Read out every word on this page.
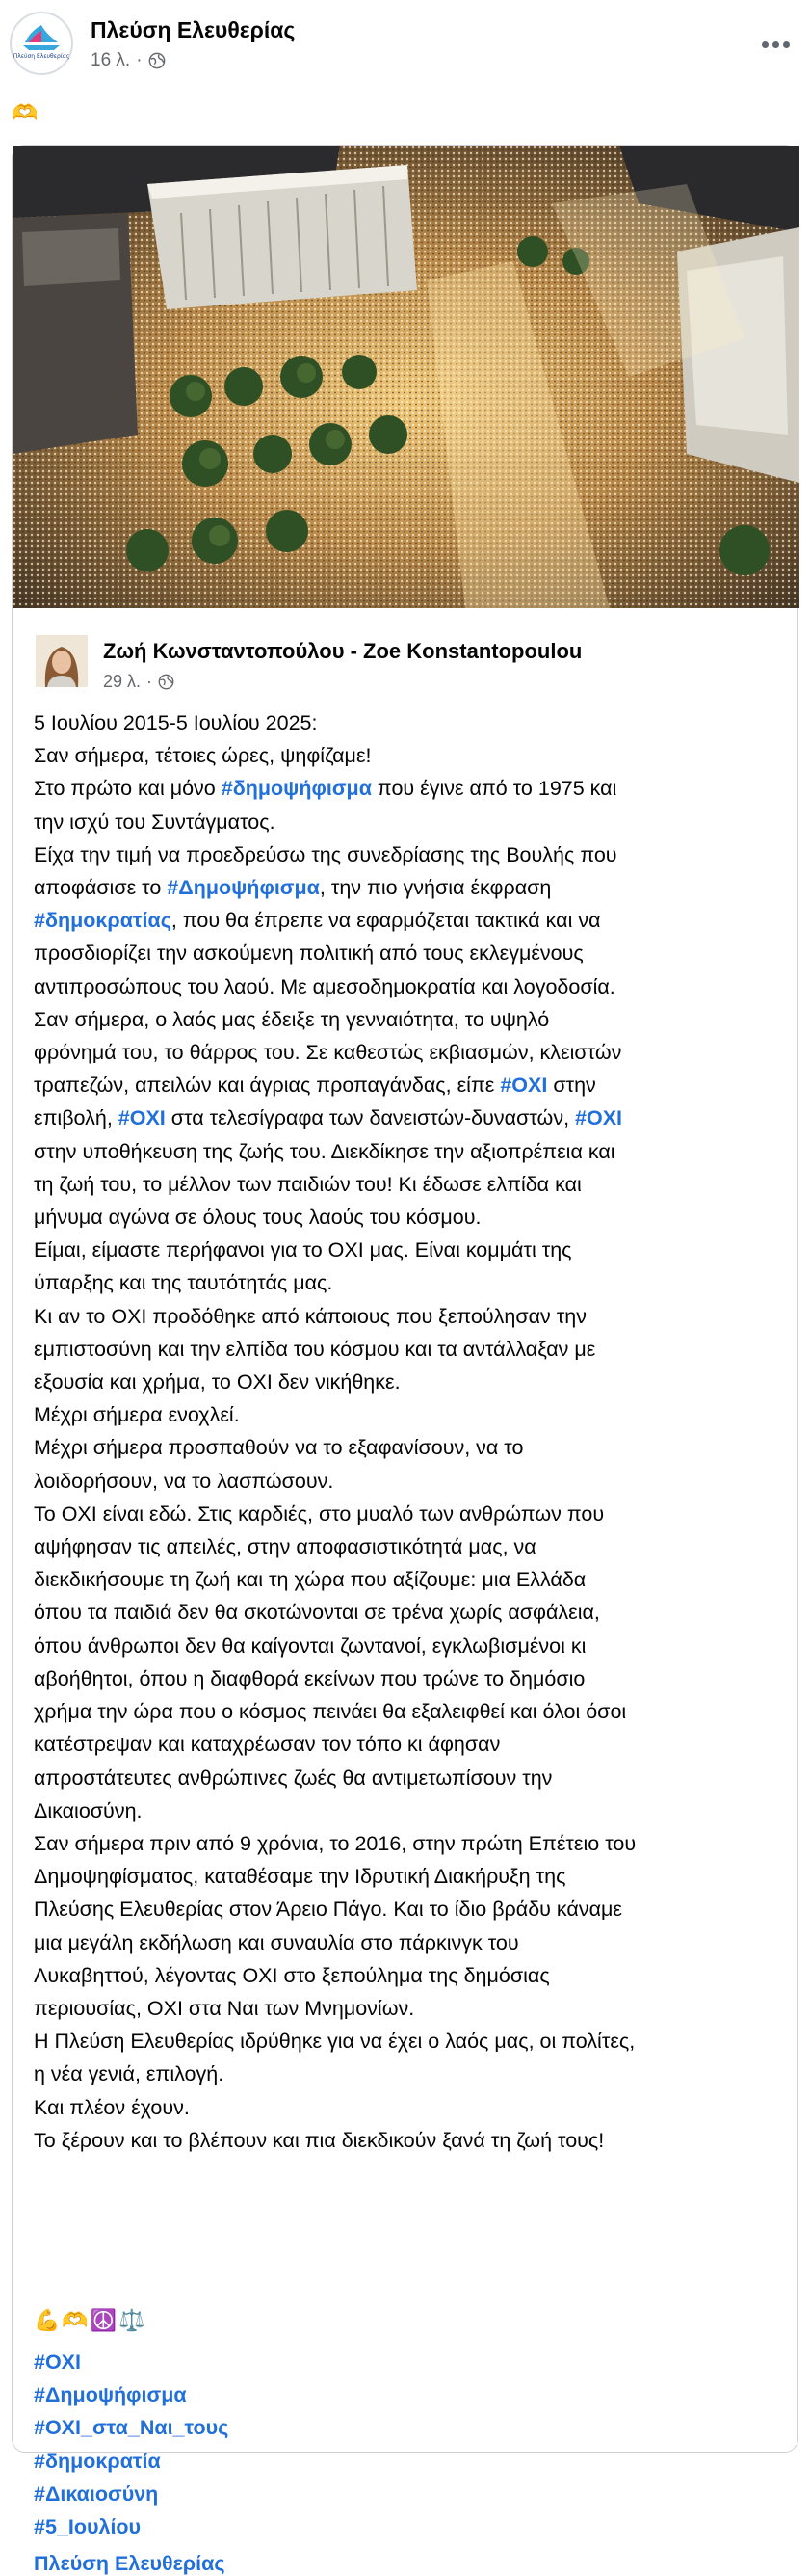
Πλεύση Ελευθερίας
Πλεύση Ελευθερίας
16 λ. ·
🫶
Ζωή Κωνσταντοπούλου - Zoe Konstantopoulou
29 λ. ·

5 Ιουλίου 2015-5 Ιουλίου 2025:

Σαν σήμερα, τέτοιες ώρες, ψηφίζαμε!

Στο πρώτο και μόνο #δημοψήφισμα που έγινε από το 1975 και

την ισχύ του Συντάγματος.

Είχα την τιμή να προεδρεύσω της συνεδρίασης της Βουλής που

αποφάσισε το #Δημοψήφισμα, την πιο γνήσια έκφραση

#δημοκρατίας, που θα έπρεπε να εφαρμόζεται τακτικά και να

προσδιορίζει την ασκούμενη πολιτική από τους εκλεγμένους

αντιπροσώπους του λαού. Με αμεσοδημοκρατία και λογοδοσία.

Σαν σήμερα, ο λαός μας έδειξε τη γενναιότητα, το υψηλό

φρόνημά του, το θάρρος του. Σε καθεστώς εκβιασμών, κλειστών

τραπεζών, απειλών και άγριας προπαγάνδας, είπε #ΟΧΙ στην

επιβολή, #ΟΧΙ στα τελεσίγραφα των δανειστών-δυναστών, #ΟΧΙ

στην υποθήκευση της ζωής του. Διεκδίκησε την αξιοπρέπεια και

τη ζωή του, το μέλλον των παιδιών του! Κι έδωσε ελπίδα και

μήνυμα αγώνα σε όλους τους λαούς του κόσμου.

Είμαι, είμαστε περήφανοι για το ΟΧΙ μας. Είναι κομμάτι της

ύπαρξης και της ταυτότητάς μας.

Κι αν το ΟΧΙ προδόθηκε από κάποιους που ξεπούλησαν την

εμπιστοσύνη και την ελπίδα του κόσμου και τα αντάλλαξαν με

εξουσία και χρήμα, το ΟΧΙ δεν νικήθηκε.

Μέχρι σήμερα ενοχλεί.

Μέχρι σήμερα προσπαθούν να το εξαφανίσουν, να το

λοιδορήσουν, να το λασπώσουν.

Το ΟΧΙ είναι εδώ. Στις καρδιές, στο μυαλό των ανθρώπων που

αψήφησαν τις απειλές, στην αποφασιστικότητά μας, να

διεκδικήσουμε τη ζωή και τη χώρα που αξίζουμε: μια Ελλάδα

όπου τα παιδιά δεν θα σκοτώνονται σε τρένα χωρίς ασφάλεια,

όπου άνθρωποι δεν θα καίγονται ζωντανοί, εγκλωβισμένοι κι

αβοήθητοι, όπου η διαφθορά εκείνων που τρώνε το δημόσιο

χρήμα την ώρα που ο κόσμος πεινάει θα εξαλειφθεί και όλοι όσοι

κατέστρεψαν και καταχρέωσαν τον τόπο κι άφησαν

απροστάτευτες ανθρώπινες ζωές θα αντιμετωπίσουν την

Δικαιοσύνη.

Σαν σήμερα πριν από 9 χρόνια, το 2016, στην πρώτη Επέτειο του

Δημοψηφίσματος, καταθέσαμε την Ιδρυτική Διακήρυξη της

Πλεύσης Ελευθερίας στον Άρειο Πάγο. Και το ίδιο βράδυ κάναμε

μια μεγάλη εκδήλωση και συναυλία στο πάρκινγκ του

Λυκαβηττού, λέγοντας ΟΧΙ στο ξεπούλημα της δημόσιας

περιουσίας, ΟΧΙ στα Ναι των Μνημονίων.

Η Πλεύση Ελευθερίας ιδρύθηκε για να έχει ο λαός μας, οι πολίτες,

η νέα γενιά, επιλογή.

Και πλέον έχουν.

Το ξέρουν και το βλέπουν και πια διεκδικούν ξανά τη ζωή τους!

💪 🫶 ☮️ ⚖️
#ΟΧΙ
#Δημοψήφισμα
#ΟΧΙ_στα_Ναι_τους
#δημοκρατία
#Δικαιοσύνη
#5_Ιουλίου
Πλεύση Ελευθερίας
